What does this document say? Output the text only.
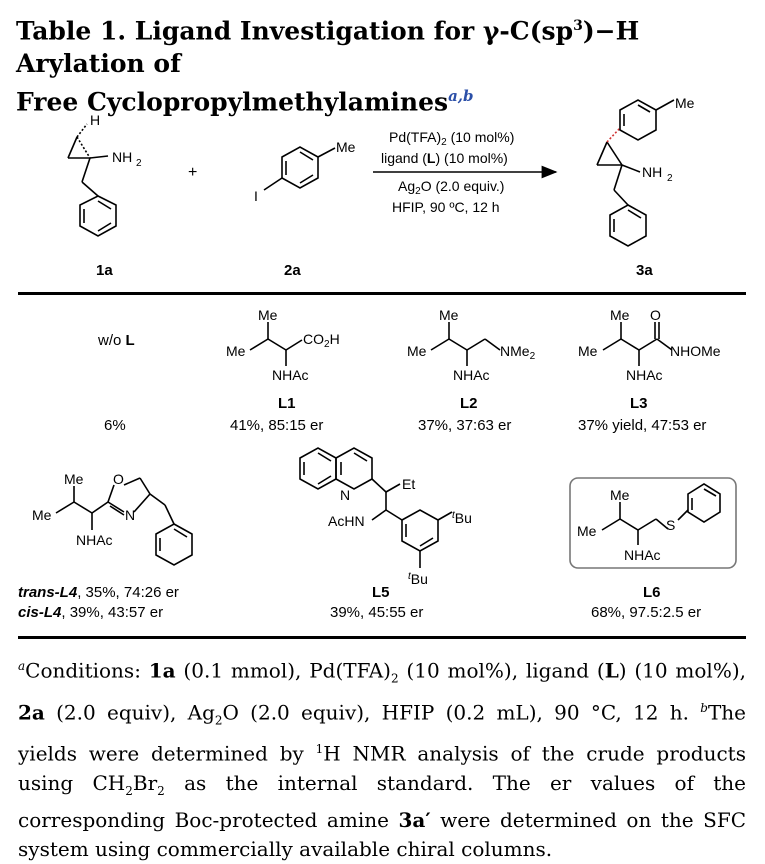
Table 1. Ligand Investigation for $\gamma-C(sp^3)-H$ Arylation of
Free Cyclopropylmethylamines$^{a,b}$
H
NH 2
1a
+
Me
I
2a
$Pd(TFA)_2$ (10 mol%)
ligand (L) (10 mol%)
$Ag_2O$ (2.0 equiv.)
HFIP, 90 ºC, 12 h
Me
NH 2
3a
w/o L
6%
Me
Me
$CO_2H$
NHAc
L1
41%, 85:15 er
Me
Me	NMe$_2$
NHAc
L2
37%, 37:63 er
Me O
Me	NHOMe
NHAc
L3
37% yield, 47:53 er
Me
Me
NHAc
O
N
trans-L4, 35%, 74:26 er
cis-L4, 39%, 43:57 er
N
Et
AcHN	$^t$Bu
$^t$Bu
L5
39%, 45:55 er
Me
Me	S
NHAc
L6
68%, 97.5:2.5 er
$^a$Conditions: 1a (0.1 mmol), $Pd(TFA)_2$ (10 mol%), ligand (L) (10 mol%), 2a (2.0 equiv), $Ag_2O$ (2.0 equiv), HFIP (0.2 mL), 90 °C, 12 h. $^b$The yields were determined by $^1$H NMR analysis of the crude products using $CH_2Br_2$ as the internal standard. The er values of the corresponding Boc-protected amine 3a′ were determined on the SFC system using commercially available chiral columns.
